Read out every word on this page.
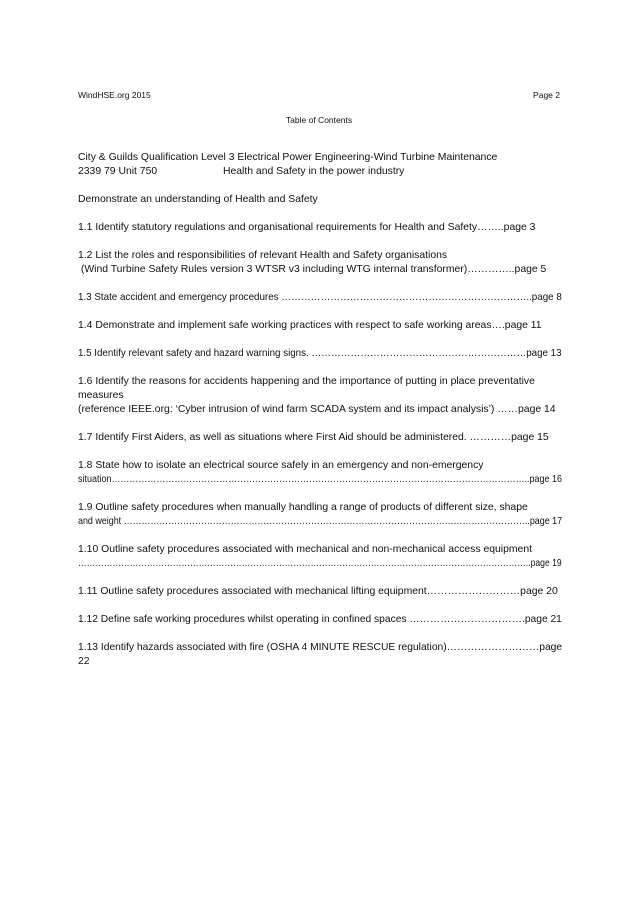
WindHSE.org 2015	Page 2
Table of Contents
City & Guilds Qualification Level 3 Electrical Power Engineering-Wind Turbine Maintenance
2339 79 Unit 750	Health and Safety in the power industry
Demonstrate an understanding of Health and Safety
1.1 Identify statutory regulations and organisational requirements for Health and Safety……..page 3
1.2 List the roles and responsibilities of relevant Health and Safety organisations
(Wind Turbine Safety Rules version 3 WTSR v3 including WTG internal transformer)…………..page 5
1.3 State accident and emergency procedures …………………………………………………………………..page 8
1.4 Demonstrate and implement safe working practices with respect to safe working areas….page 11
1.5 Identify relevant safety and hazard warning signs. …………………………………………………………page 13
1.6 Identify the reasons for accidents happening and the importance of putting in place preventative
measures
(reference IEEE.org: ‘Cyber intrusion of wind farm SCADA system and its impact analysis’) ……page 14
1.7 Identify First Aiders, as well as situations where First Aid should be administered. …………page 15
1.8 State how to isolate an electrical source safely in an emergency and non-emergency
situation…………………………………………………………………………………………………………………………..page 16
1.9 Outline safety procedures when manually handling a range of products of different size, shape
and weight ………………………………………………………………………………………………………………………..page 17
1.10 Outline safety procedures associated with mechanical and non-mechanical access equipment
…………………………………………………………………………………………………………………………………………..page 19
1.11 Outline safety procedures associated with mechanical lifting equipment………………………page 20
1.12 Define safe working procedures whilst operating in confined spaces …………………………….page 21
1.13 Identify hazards associated with fire (OSHA 4 MINUTE RESCUE regulation)………………………page
22
